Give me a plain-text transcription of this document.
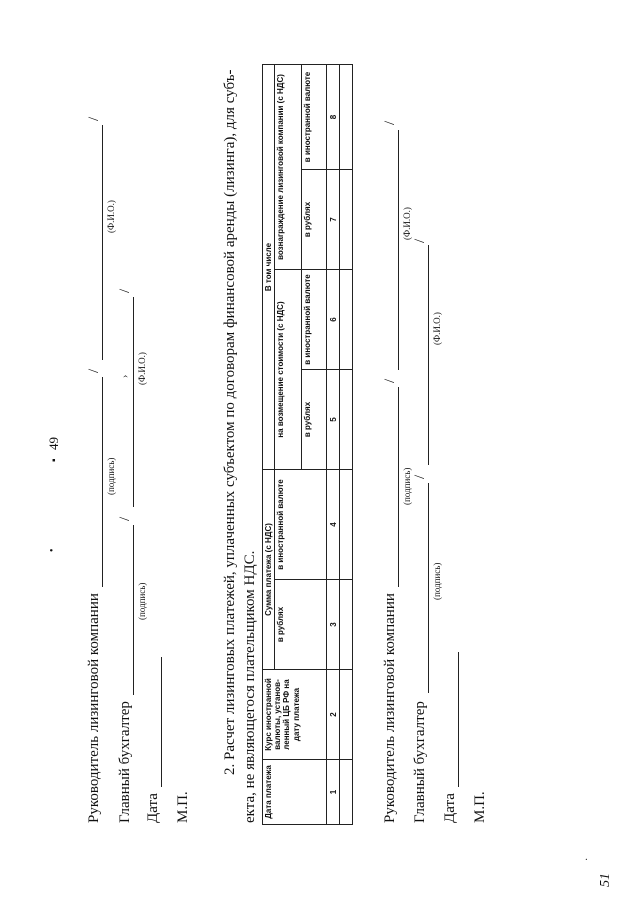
49
▪
•
›
Руководитель лизинговой компании
/
/
(подпись)
(Ф.И.О.)
Главный бухгалтер
/
/
(подпись)
(Ф.И.О.)
Дата М.П.
2. Расчет лизинговых платежей, уплаченных субъектом по договорам финансовой аренды (лизинга), для субъ- екта, не являющегося плательщиком НДС. Дата платежа	Курс иностранной валюты, установ-ленный ЦБ РФ на дату платежа	Сумма платежа (с НДС)		В том числе			
		в рублях	в иностранной валюте	на возмещение стоимости (с НДС)		вознаграждение лизинговой компании (с НДС)	
				в рублях	в иностранной валюте	в рублях	в иностранной валюте
1	2	3	4	5	6	7	8

Руководитель лизинговой компании
/
/
(подпись)
(Ф.И.О.)
Главный бухгалтер
/
/
(подпись)
(Ф.И.О.)
Дата М.П.
51
·
